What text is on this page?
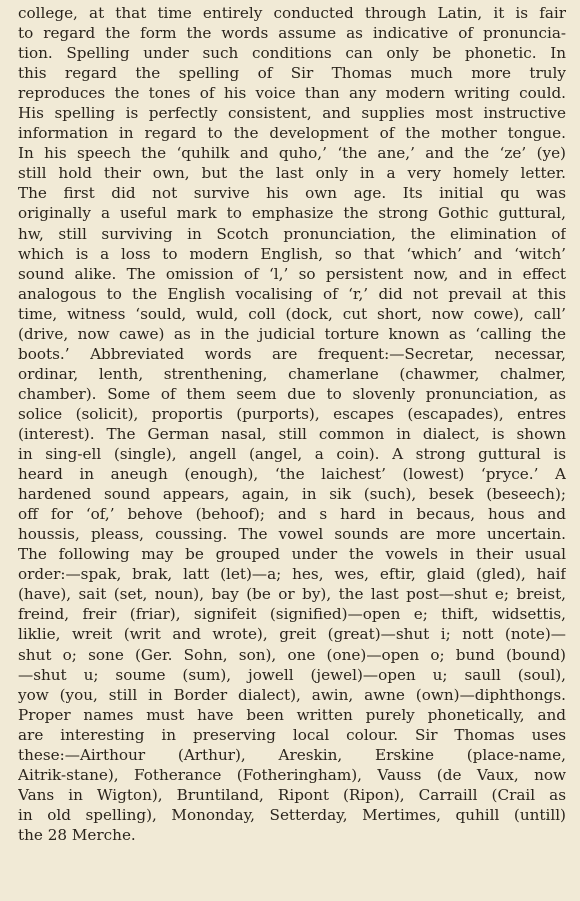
college, at that time entirely conducted through Latin, it is fair
to regard the form the words assume as indicative of pronuncia-
tion. Spelling under such conditions can only be phonetic. In
this regard the spelling of Sir Thomas much more truly
reproduces the tones of his voice than any modern writing could.
His spelling is perfectly consistent, and supplies most instructive
information in regard to the development of the mother tongue.
In his speech the ‘quhilk and quho,’ ‘the ane,’ and the ‘ze’ (ye)
still hold their own, but the last only in a very homely letter.
The first did not survive his own age. Its initial qu was
originally a useful mark to emphasize the strong Gothic guttural,
hw, still surviving in Scotch pronunciation, the elimination of
which is a loss to modern English, so that ‘which’ and ‘witch’
sound alike. The omission of ‘l,’ so persistent now, and in effect
analogous to the English vocalising of ‘r,’ did not prevail at this
time, witness ‘sould, wuld, coll (dock, cut short, now cowe), call’
(drive, now cawe) as in the judicial torture known as ‘calling the
boots.’ Abbreviated words are frequent:—Secretar, necessar,
ordinar, lenth, strenthening, chamerlane (chawmer, chalmer,
chamber). Some of them seem due to slovenly pronunciation, as
solice (solicit), proportis (purports), escapes (escapades), entres
(interest). The German nasal, still common in dialect, is shown
in sing-ell (single), angell (angel, a coin). A strong guttural is
heard in aneugh (enough), ‘the laichest’ (lowest) ‘pryce.’ A
hardened sound appears, again, in sik (such), besek (beseech);
off for ‘of,’ behove (behoof); and s hard in becaus, hous and
houssis, pleass, coussing. The vowel sounds are more uncertain.
The following may be grouped under the vowels in their usual
order:—spak, brak, latt (let)—a; hes, wes, eftir, glaid (gled), haif
(have), sait (set, noun), bay (be or by), the last post—shut e; breist,
freind, freir (friar), signifeit (signified)—open e; thift, widsettis,
liklie, wreit (writ and wrote), greit (great)—shut i; nott (note)—
shut o; sone (Ger. Sohn, son), one (one)—open o; bund (bound)
—shut u; soume (sum), jowell (jewel)—open u; saull (soul),
yow (you, still in Border dialect), awin, awne (own)—diphthongs.
Proper names must have been written purely phonetically, and
are interesting in preserving local colour. Sir Thomas uses
these:—Airthour (Arthur), Areskin, Erskine (place-name,
Aitrik-stane), Fotherance (Fotheringham), Vauss (de Vaux, now
Vans in Wigton), Bruntiland, Ripont (Ripon), Carraill (Crail as
in old spelling), Mononday, Setterday, Mertimes, quhill (untill)
the 28 Merche.
